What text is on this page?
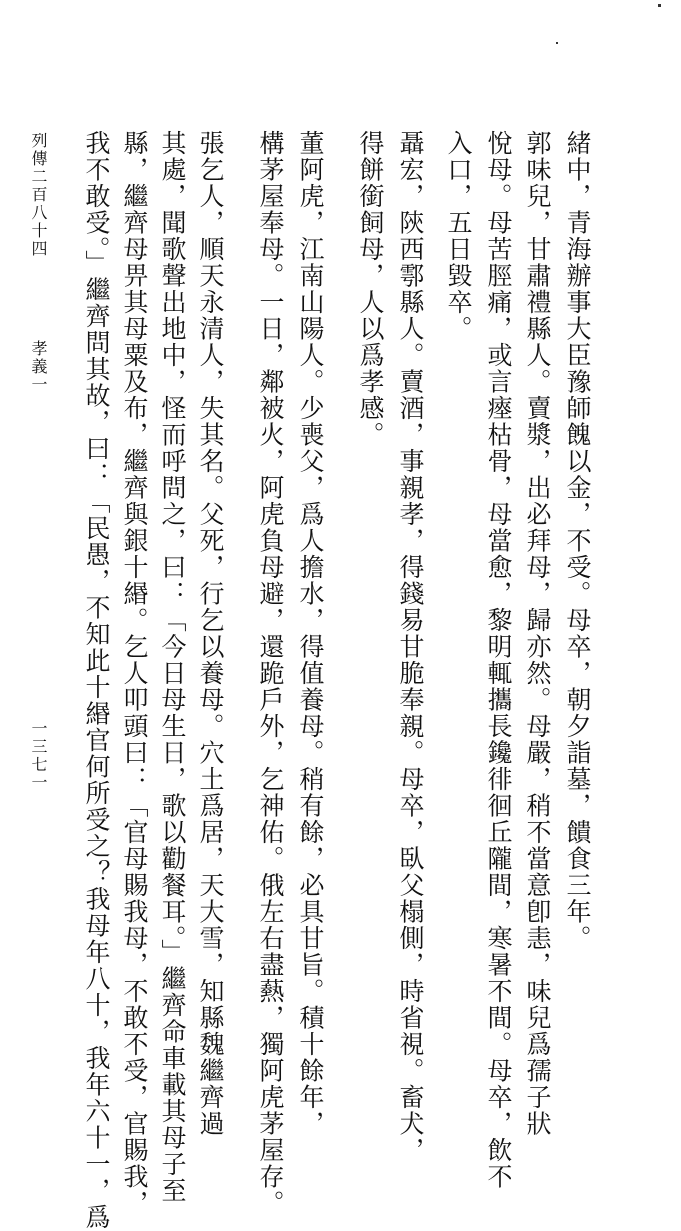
緒中，青海辦事大臣豫師餽以金，不受。母卒，朝夕詣墓，饋食三年。
郭味兒，甘肅禮縣人。賣漿，出必拜母，歸亦然。母嚴，稍不當意卽恚，味兒爲孺子狀
悅母。母苦脛痛，或言瘞枯骨，母當愈，黎明輒攜長鑱徘徊丘隴間，寒暑不間。母卒，飲不
入口，五日毀卒。
聶宏，陝西鄠縣人。賣酒，事親孝，得錢易甘脆奉親。母卒，臥父榻側，時省視。畜犬，
得餅銜飼母，人以爲孝感。
董阿虎，江南山陽人。少喪父，爲人擔水，得值養母。稍有餘，必具甘旨。積十餘年，
構茅屋奉母。一日，鄰被火，阿虎負母避，還跪戶外，乞神佑。俄左右盡爇，獨阿虎茅屋存。
張乞人，順天永清人，失其名。父死，行乞以養母。穴土爲居，天大雪，知縣魏繼齊過
其處，聞歌聲出地中，怪而呼問之，曰：「今日母生日，歌以勸餐耳。」繼齊命車載其母子至
縣，繼齊母畀其母粟及布，繼齊與銀十緡。乞人叩頭曰：「官母賜我母，不敢不受，官賜我，
我不敢受。」繼齊問其故，曰：「民愚，不知此十緡官何所受之？我母年八十，我年六十一，爲
列傳二百八十四
孝義一
一三七一
